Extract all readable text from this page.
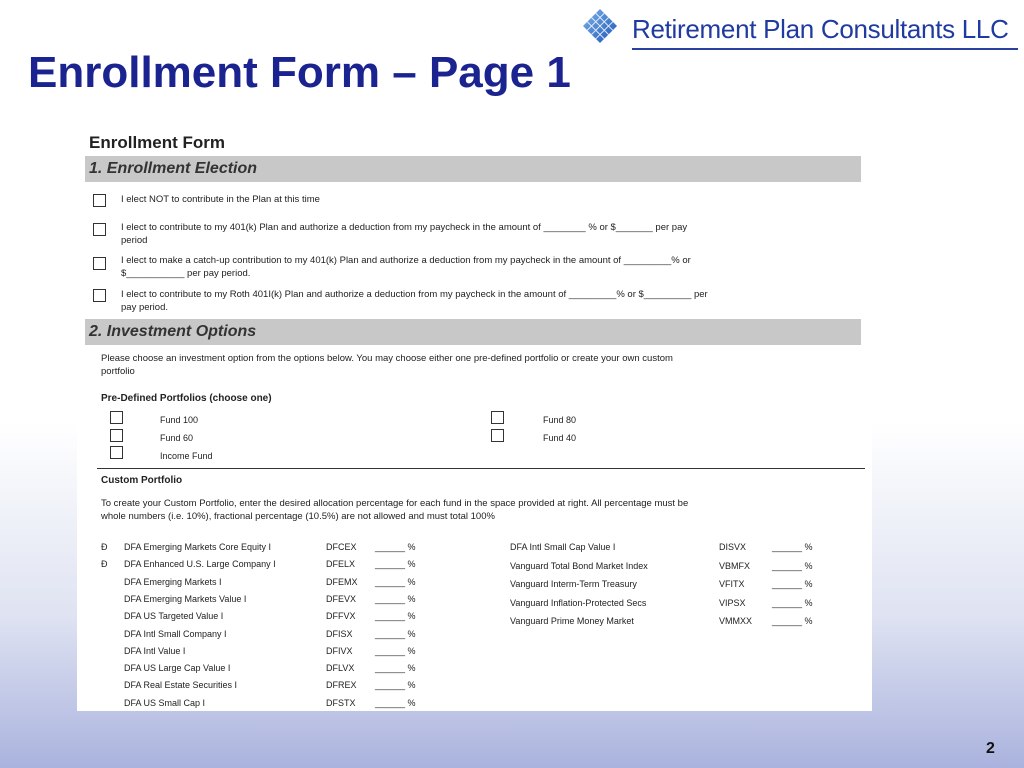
Retirement Plan Consultants LLC
Enrollment Form – Page 1
Enrollment Form
1. Enrollment Election
I elect NOT to contribute in the Plan at this time
I elect to contribute to my 401(k) Plan and authorize a deduction from my paycheck in the amount of ________ % or $_______ per pay
period
I elect to make a catch-up contribution to my 401(k) Plan and authorize a deduction from my paycheck in the amount of _________% or
$___________ per pay period.
I elect to contribute to my Roth 401I(k) Plan and authorize a deduction from my paycheck in the amount of _________% or $_________ per
pay period.
2. Investment Options
Please choose an investment option from the options below. You may choose either one pre-defined portfolio or create your own custom
portfolio
Pre-Defined Portfolios (choose one)
Fund 100
Fund 60
Income Fund
Fund 80
Fund 40
Custom Portfolio
To create your Custom Portfolio, enter the desired allocation percentage for each fund in the space provided at right. All percentage must be
whole numbers (i.e. 10%), fractional percentage (10.5%) are not allowed and must total 100%
Ð DFA Emerging Markets Core Equity I	DFCEX ______ %
Ð DFA Enhanced U.S. Large Company I	DFELX ______ %
DFA Emerging Markets I	DFEMX ______ %
DFA Emerging Markets Value I	DFEVX ______ %
DFA US Targeted Value I	DFFVX ______ %
DFA Intl Small Company I	DFISX ______ %
DFA Intl Value I	DFIVX ______ %
DFA US Large Cap Value I	DFLVX ______ %
DFA Real Estate Securities I	DFREX ______ %
DFA US Small Cap I	DFSTX ______ %
DFA Intl Small Cap Value I	DISVX	______ %
Vanguard Total Bond Market Index	VBMFX ______ %
Vanguard Interm-Term Treasury	VFITX	______ %
Vanguard Inflation-Protected Secs	VIPSX	______ %
Vanguard Prime Money Market	VMMXX ______ %
2
